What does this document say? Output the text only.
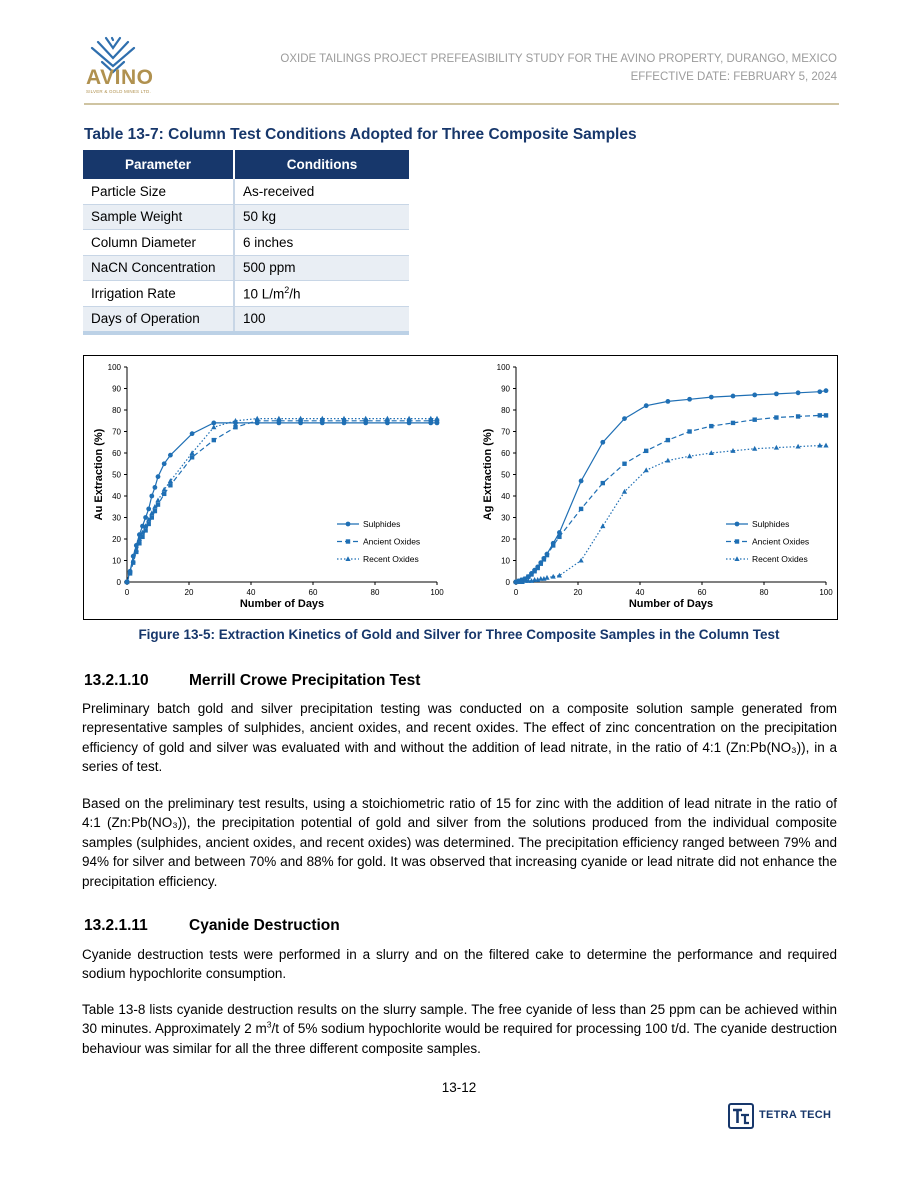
AVINO
SILVER & GOLD MINES LTD.
OXIDE TAILINGS PROJECT PREFEASIBILITY STUDY FOR THE AVINO PROPERTY, DURANGO, MEXICO
EFFECTIVE DATE: FEBRUARY 5, 2024
Table 13-7: Column Test Conditions Adopted for Three Composite Samples
Parameter	Conditions
Particle Size	As-received
Sample Weight	50 kg
Column Diameter	6 inches
NaCN Concentration	500 ppm
Irrigation Rate	10 $L/m^2/h$
Days of Operation	100
0
10
20
30
40
50
60
70
80
90
100
0	20	40	60	80	100
Number of Days
Au Extraction (%)
Sulphides
Ancient Oxides
Recent Oxides
0
10
20
30
40
50
60
70
80
90
100
0	20	40	60	80	100
Number of Days
Ag Extraction (%)
Sulphides
Ancient Oxides
Recent Oxides
Figure 13-5: Extraction Kinetics of Gold and Silver for Three Composite Samples in the Column Test
13.2.1.10	Merrill Crowe Precipitation Test
Preliminary batch gold and silver precipitation testing was conducted on a composite solution sample generated from representative samples of sulphides, ancient oxides, and recent oxides. The effect of zinc concentration on the precipitation efficiency of gold and silver was evaluated with and without the addition of lead nitrate, in the ratio of 4:1 (Zn:Pb(NO₃)), in a series of test.
Based on the preliminary test results, using a stoichiometric ratio of 15 for zinc with the addition of lead nitrate in the ratio of 4:1 (Zn:Pb(NO₃)), the precipitation potential of gold and silver from the solutions produced from the individual composite samples (sulphides, ancient oxides, and recent oxides) was determined. The precipitation efficiency ranged between 79% and 94% for silver and between 70% and 88% for gold. It was observed that increasing cyanide or lead nitrate did not enhance the precipitation efficiency.
13.2.1.11	Cyanide Destruction
Cyanide destruction tests were performed in a slurry and on the filtered cake to determine the performance and required sodium hypochlorite consumption.
Table 13-8 lists cyanide destruction results on the slurry sample. The free cyanide of less than 25 ppm can be achieved within 30 minutes. Approximately 2 $m^3/t$ of 5% sodium hypochlorite would be required for processing 100 t/d. The cyanide destruction behaviour was similar for all the three different composite samples.
13-12
TETRA TECH
